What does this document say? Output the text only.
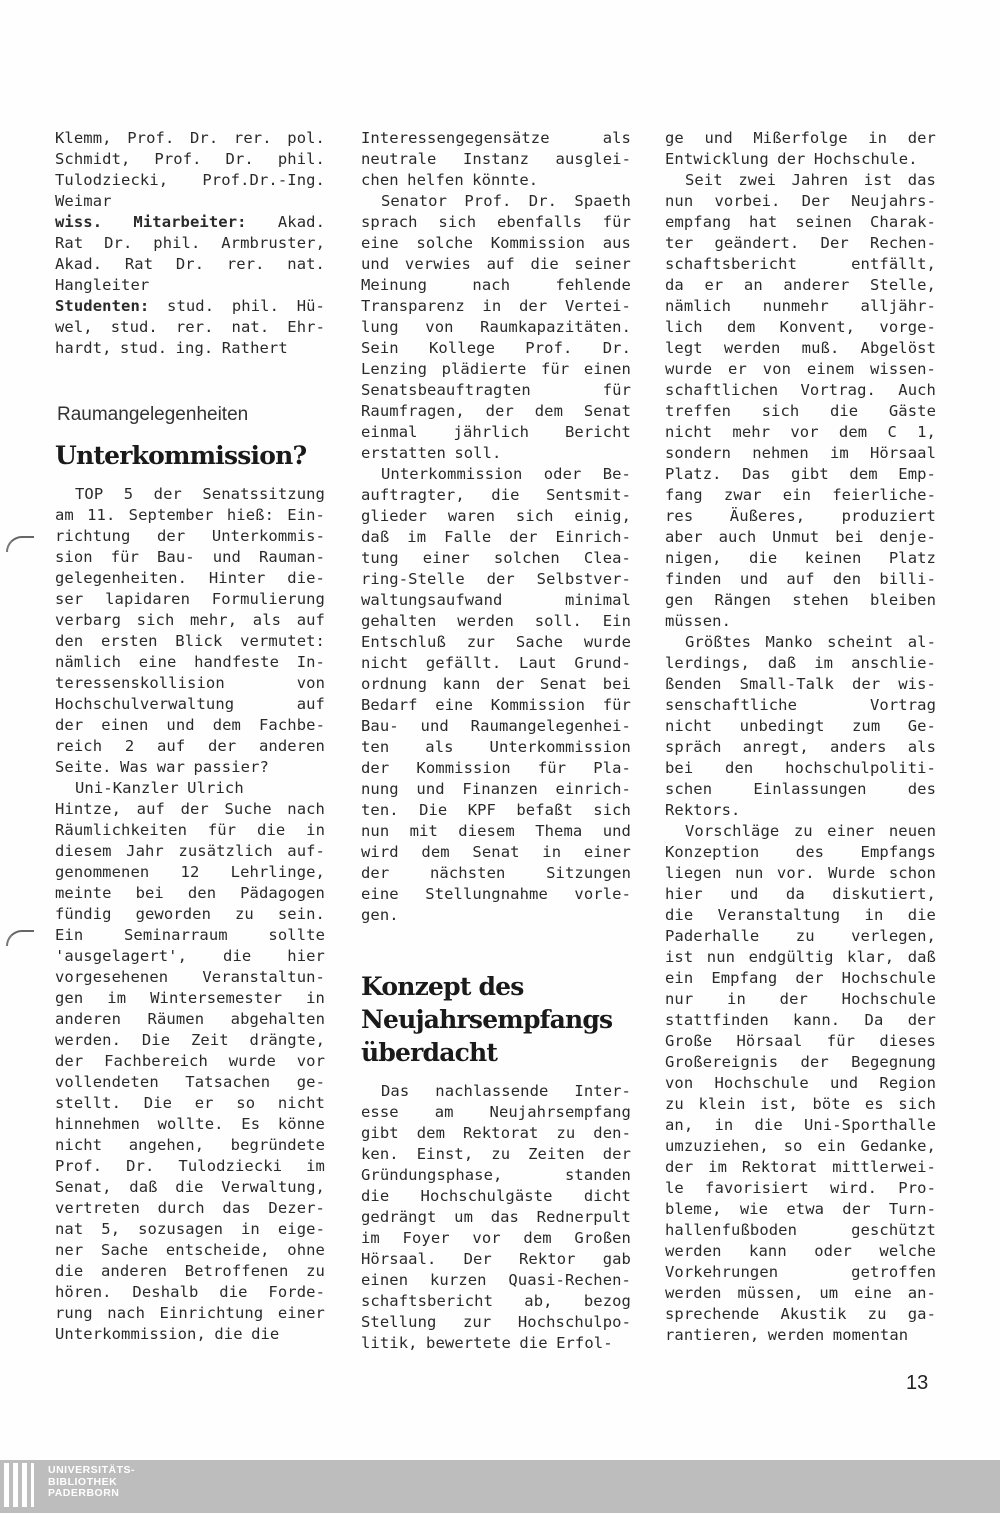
Klemm, Prof. Dr. rer. pol.
Schmidt, Prof. Dr. phil.
Tulodziecki, Prof.Dr.-Ing.
Weimar
wiss. Mitarbeiter: Akad.
Rat Dr. phil. Armbruster,
Akad. Rat Dr. rer. nat.
Hangleiter
Studenten: stud. phil. Hü-
wel, stud. rer. nat. Ehr-
hardt, stud. ing. Rathert
Raumangelegenheiten
Unterkommission?
TOP 5 der Senatssitzung
am 11. September hieß: Ein-
richtung der Unterkommis-
sion für Bau- und Rauman-
gelegenheiten. Hinter die-
ser lapidaren Formulierung
verbarg sich mehr, als auf
den ersten Blick vermutet:
nämlich eine handfeste In-
teressenskollision von
Hochschulverwaltung auf
der einen und dem Fachbe-
reich 2 auf der anderen
Seite. Was war passier?
Uni-Kanzler Ulrich
Hintze, auf der Suche nach
Räumlichkeiten für die in
diesem Jahr zusätzlich auf-
genommenen 12 Lehrlinge,
meinte bei den Pädagogen
fündig geworden zu sein.
Ein Seminarraum sollte
'ausgelagert', die hier
vorgesehenen Veranstaltun-
gen im Wintersemester in
anderen Räumen abgehalten
werden. Die Zeit drängte,
der Fachbereich wurde vor
vollendeten Tatsachen ge-
stellt. Die er so nicht
hinnehmen wollte. Es könne
nicht angehen, begründete
Prof. Dr. Tulodziecki im
Senat, daß die Verwaltung,
vertreten durch das Dezer-
nat 5, sozusagen in eige-
ner Sache entscheide, ohne
die anderen Betroffenen zu
hören. Deshalb die Forde-
rung nach Einrichtung einer
Unterkommission, die die
Interessengegensätze als
neutrale Instanz ausglei-
chen helfen könnte.
Senator Prof. Dr. Spaeth
sprach sich ebenfalls für
eine solche Kommission aus
und verwies auf die seiner
Meinung nach fehlende
Transparenz in der Vertei-
lung von Raumkapazitäten.
Sein Kollege Prof. Dr.
Lenzing plädierte für einen
Senatsbeauftragten für
Raumfragen, der dem Senat
einmal jährlich Bericht
erstatten soll.
Unterkommission oder Be-
auftragter, die Sentsmit-
glieder waren sich einig,
daß im Falle der Einrich-
tung einer solchen Clea-
ring-Stelle der Selbstver-
waltungsaufwand minimal
gehalten werden soll. Ein
Entschluß zur Sache wurde
nicht gefällt. Laut Grund-
ordnung kann der Senat bei
Bedarf eine Kommission für
Bau- und Raumangelegenhei-
ten als Unterkommission
der Kommission für Pla-
nung und Finanzen einrich-
ten. Die KPF befaßt sich
nun mit diesem Thema und
wird dem Senat in einer
der nächsten Sitzungen
eine Stellungnahme vorle-
gen.
Konzept des
Neujahrsempfangs
überdacht
Das nachlassende Inter-
esse am Neujahrsempfang
gibt dem Rektorat zu den-
ken. Einst, zu Zeiten der
Gründungsphase, standen
die Hochschulgäste dicht
gedrängt um das Rednerpult
im Foyer vor dem Großen
Hörsaal. Der Rektor gab
einen kurzen Quasi-Rechen-
schaftsbericht ab, bezog
Stellung zur Hochschulpo-
litik, bewertete die Erfol-
ge und Mißerfolge in der
Entwicklung der Hochschule.
Seit zwei Jahren ist das
nun vorbei. Der Neujahrs-
empfang hat seinen Charak-
ter geändert. Der Rechen-
schaftsbericht entfällt,
da er an anderer Stelle,
nämlich nunmehr alljähr-
lich dem Konvent, vorge-
legt werden muß. Abgelöst
wurde er von einem wissen-
schaftlichen Vortrag. Auch
treffen sich die Gäste
nicht mehr vor dem C 1,
sondern nehmen im Hörsaal
Platz. Das gibt dem Emp-
fang zwar ein feierliche-
res Äußeres, produziert
aber auch Unmut bei denje-
nigen, die keinen Platz
finden und auf den billi-
gen Rängen stehen bleiben
müssen.
Größtes Manko scheint al-
lerdings, daß im anschlie-
ßenden Small-Talk der wis-
senschaftliche Vortrag
nicht unbedingt zum Ge-
spräch anregt, anders als
bei den hochschulpoliti-
schen Einlassungen des
Rektors.
Vorschläge zu einer neuen
Konzeption des Empfangs
liegen nun vor. Wurde schon
hier und da diskutiert,
die Veranstaltung in die
Paderhalle zu verlegen,
ist nun endgültig klar, daß
ein Empfang der Hochschule
nur in der Hochschule
stattfinden kann. Da der
Große Hörsaal für dieses
Großereignis der Begegnung
von Hochschule und Region
zu klein ist, böte es sich
an, in die Uni-Sporthalle
umzuziehen, so ein Gedanke,
der im Rektorat mittlerwei-
le favorisiert wird. Pro-
bleme, wie etwa der Turn-
hallenfußboden geschützt
werden kann oder welche
Vorkehrungen getroffen
werden müssen, um eine an-
sprechende Akustik zu ga-
rantieren, werden momentan
13
UNIVERSITÄTS-
BIBLIOTHEK
PADERBORN
